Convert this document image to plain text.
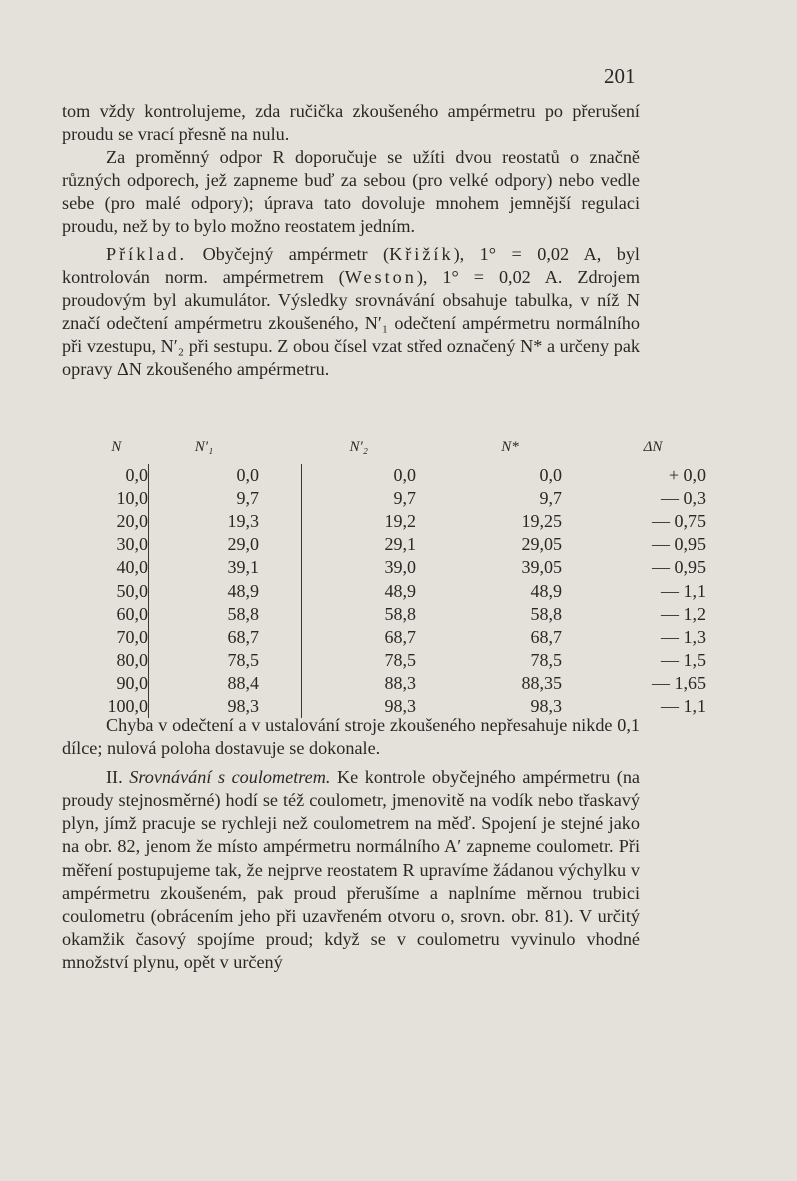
201

tom vždy kontrolujeme, zda ručička zkoušeného ampérmetru po přerušení proudu se vrací přesně na nulu.

Za proměnný odpor R doporučuje se užíti dvou reostatů o značně různých odporech, jež zapneme buď za sebou (pro velké odpory) nebo vedle sebe (pro malé odpory); úprava tato dovoluje mnohem jemnější regulaci proudu, než by to bylo možno reostatem jedním.

Příklad. Obyčejný ampérmetr (Křižík), 1° = 0,02 A, byl kontrolován norm. ampérmetrem (Weston), 1° = 0,02 A. Zdrojem proudovým byl akumulátor. Výsledky srovnávání obsahuje tabulka, v níž N značí odečtení ampérmetru zkoušeného, N′₁ odečtení ampérmetru normálního při vzestupu, N′₂ při sestupu. Z obou čísel vzat střed označený N* a určeny pak opravy ΔN zkoušeného ampérmetru.

N	N′₁	N′₂	N*	ΔN
0,0	0,0	0,0	0,0	+ 0,0
10,0	9,7	9,7	9,7	— 0,3
20,0	19,3	19,2	19,25	— 0,75
30,0	29,0	29,1	29,05	— 0,95
40,0	39,1	39,0	39,05	— 0,95
50,0	48,9	48,9	48,9	— 1,1
60,0	58,8	58,8	58,8	— 1,2
70,0	68,7	68,7	68,7	— 1,3
80,0	78,5	78,5	78,5	— 1,5
90,0	88,4	88,3	88,35	— 1,65
100,0	98,3	98,3	98,3	— 1,1

Chyba v odečtení a v ustalování stroje zkoušeného nepřesahuje nikde 0,1 dílce; nulová poloha dostavuje se dokonale.

II. Srovnávání s coulometrem. Ke kontrole obyčejného ampérmetru (na proudy stejnosměrné) hodí se též coulometr, jmenovitě na vodík nebo třaskavý plyn, jímž pracuje se rychleji než coulometrem na měď. Spojení je stejné jako na obr. 82, jenom že místo ampérmetru normálního A′ zapneme coulometr. Při měření postupujeme tak, že nejprve reostatem R upravíme žádanou výchylku v ampérmetru zkoušeném, pak proud přerušíme a naplníme měrnou trubici coulometru (obrácením jeho při uzavřeném otvoru o, srovn. obr. 81). V určitý okamžik časový spojíme proud; když se v coulometru vyvinulo vhodné množství plynu, opět v určený
